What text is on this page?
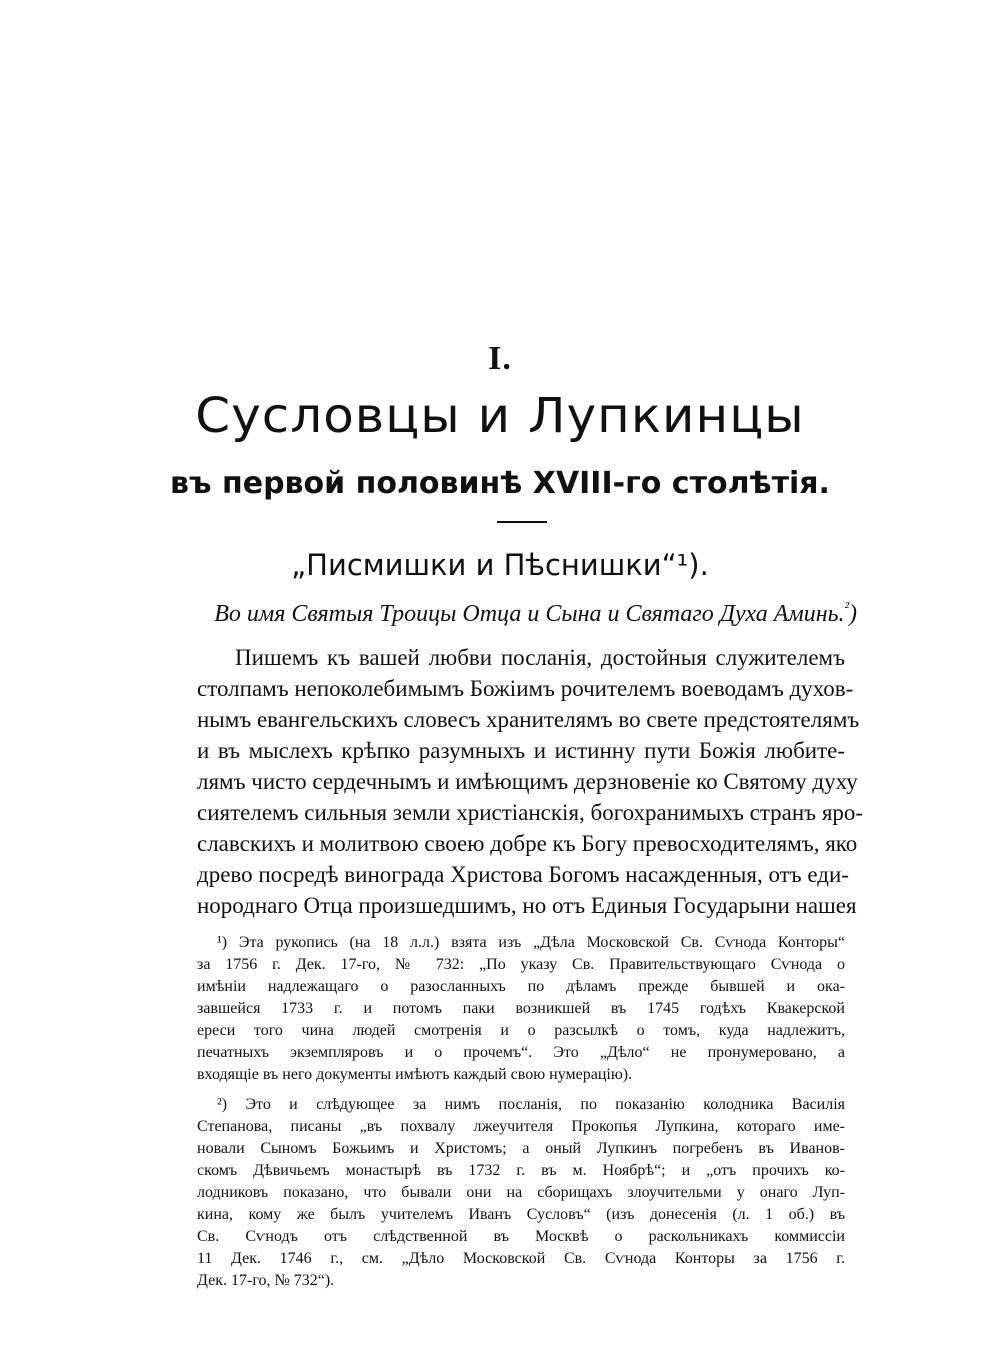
I.
Сусловцы и Лупкинцы
въ первой половинѣ XVIII-го столѣтія.
„Писмишки и Пѣснишки“¹).
Во имя Святыя Троицы Отца и Сына и Святаго Духа Аминь.$^{^2}$)
Пишемъ къ вашей любви посланія, достойныя служителемъ
столпамъ непоколебимымъ Божіимъ рочителемъ воеводамъ духов-
нымъ евангельскихъ словесъ хранителямъ во свете предстоятелямъ
и въ мыслехъ крѣпко разумныхъ и истинну пути Божія любите-
лямъ чисто сердечнымъ и имѣющимъ дерзновеніе ко Святому духу
сиятелемъ сильныя земли христіанскія, богохранимыхъ странъ яро-
славскихъ и молитвою своею добре къ Богу превосходителямъ, яко
древо посредѣ винограда Христова Богомъ насажденныя, отъ еди-
нороднаго Отца произшедшимъ, но отъ Единыя Государыни нашея
¹) Эта рукопись (на 18 л.л.) взята изъ „Дѣла Московской Св. Сѵнода Конторы“
за 1756 г. Дек. 17-го, № 732: „По указу Св. Правительствующаго Сѵнода о
имѣніи надлежащаго о разосланныхъ по дѣламъ прежде бывшей и ока-
завшейся 1733 г. и потомъ паки возникшей въ 1745 годѣхъ Квакерской
ереси того чина людей смотренія и о разсылкѣ о томъ, куда надлежитъ,
печатныхъ экземпляровъ и о прочемъ“. Это „Дѣло“ не пронумеровано, а
входящіе въ него документы имѣютъ каждый свою нумерацію).
²) Это и слѣдующее за нимъ посланія, по показанію колодника Василія
Степанова, писаны „въ похвалу лжеучителя Прокопья Лупкина, котораго име-
новали Сыномъ Божьимъ и Христомъ; а оный Лупкинъ погребенъ въ Иванов-
скомъ Дѣвичьемъ монастырѣ въ 1732 г. въ м. Ноябрѣ“; и „отъ прочихъ ко-
лодниковъ показано, что бывали они на сборищахъ злоучительми у онаго Луп-
кина, кому же былъ учителемъ Иванъ Сусловъ“ (изъ донесенія (л. 1 об.) въ
Св. Сѵнодъ отъ слѣдственной въ Москвѣ о раскольникахъ коммиссіи
11 Дек. 1746 г., см. „Дѣло Московской Св. Сѵнода Конторы за 1756 г.
Дек. 17-го, № 732“).
